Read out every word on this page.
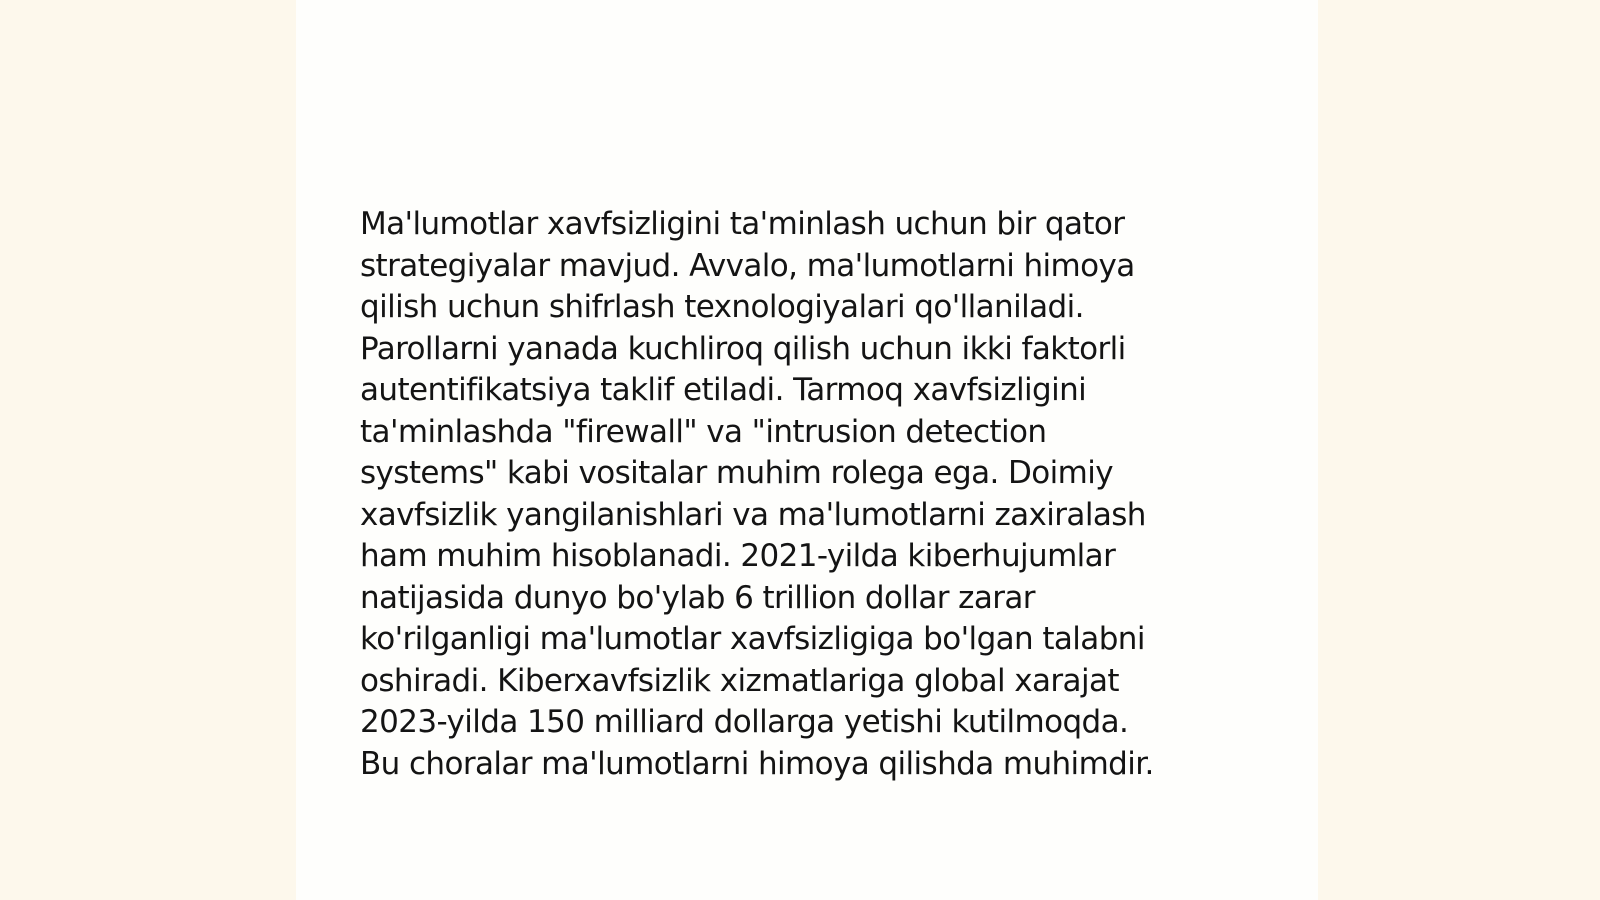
Ma'lumotlar xavfsizligini ta'minlash uchun bir qator
strategiyalar mavjud. Avvalo, ma'lumotlarni himoya
qilish uchun shifrlash texnologiyalari qo'llaniladi.
Parollarni yanada kuchliroq qilish uchun ikki faktorli
autentifikatsiya taklif etiladi. Tarmoq xavfsizligini
ta'minlashda "firewall" va "intrusion detection
systems" kabi vositalar muhim rolega ega. Doimiy
xavfsizlik yangilanishlari va ma'lumotlarni zaxiralash
ham muhim hisoblanadi. 2021-yilda kiberhujumlar
natijasida dunyo bo'ylab 6 trillion dollar zarar
ko'rilganligi ma'lumotlar xavfsizligiga bo'lgan talabni
oshiradi. Kiberxavfsizlik xizmatlariga global xarajat
2023-yilda 150 milliard dollarga yetishi kutilmoqda.
Bu choralar ma'lumotlarni himoya qilishda muhimdir.
